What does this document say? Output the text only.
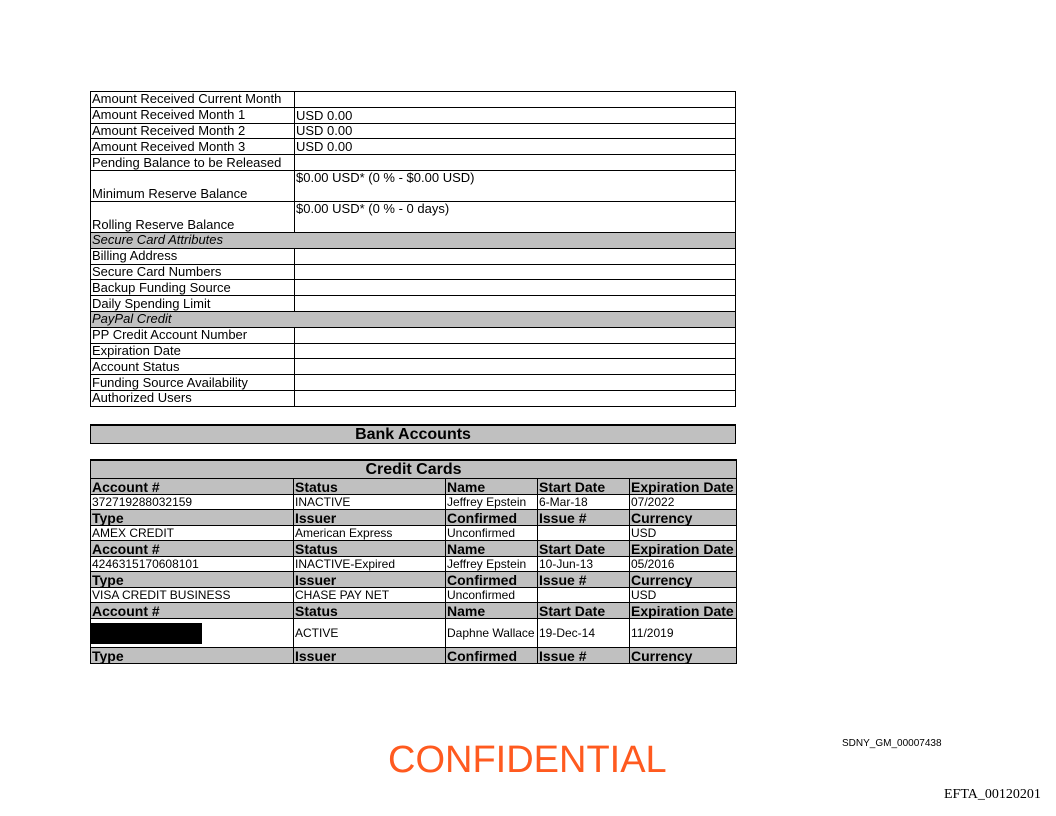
Amount Received Current Month	
Amount Received Month 1	USD 0.00
Amount Received Month 2	USD 0.00
Amount Received Month 3	USD 0.00
Pending Balance to be Released	
Minimum Reserve Balance	$0.00 USD* (0 % - $0.00 USD)
Rolling Reserve Balance	$0.00 USD* (0 % - 0 days)
Secure Card Attributes	
Billing Address	
Secure Card Numbers	
Backup Funding Source	
Daily Spending Limit	
PayPal Credit	
PP Credit Account Number	
Expiration Date	
Account Status	
Funding Source Availability	
Authorized Users	
Bank Accounts
Credit Cards				
Account #	Status	Name	Start Date	Expiration Date
372719288032159	INACTIVE	Jeffrey Epstein	6-Mar-18	07/2022
Type	Issuer	Confirmed	Issue #	Currency
AMEX CREDIT	American Express	Unconfirmed		USD
Account #	Status	Name	Start Date	Expiration Date
4246315170608101	INACTIVE-Expired	Jeffrey Epstein	10-Jun-13	05/2016
Type	Issuer	Confirmed	Issue #	Currency
VISA CREDIT BUSINESS	CHASE PAY NET	Unconfirmed		USD
Account #	Status	Name	Start Date	Expiration Date
	ACTIVE	Daphne Wallace	19-Dec-14	11/2019
Type	Issuer	Confirmed	Issue #	Currency
CONFIDENTIAL	SDNY_GM_00007438
EFTA_00120201
